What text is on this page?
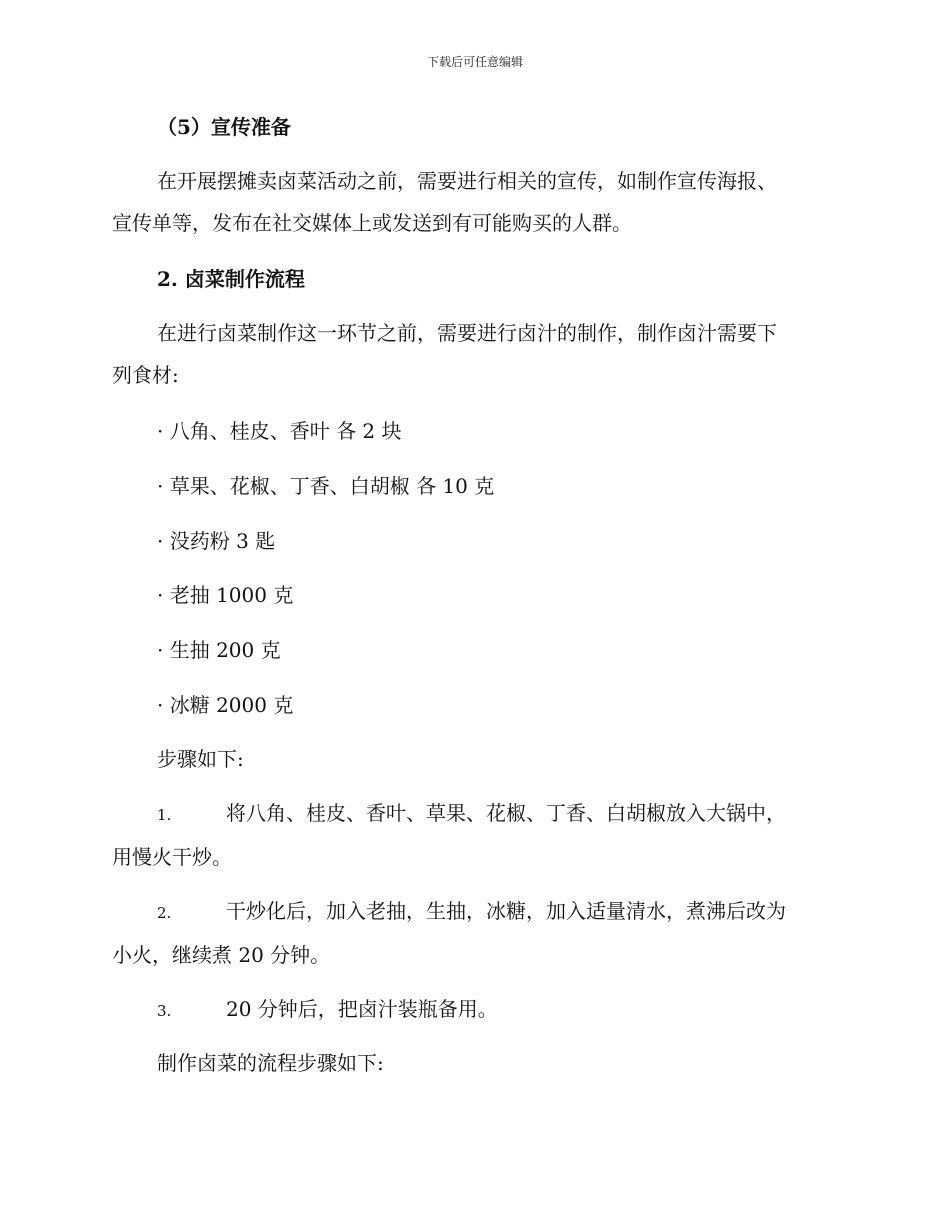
下载后可任意编辑
（5）宣传准备
在开展摆摊卖卤菜活动之前，需要进行相关的宣传，如制作宣传海报、
宣传单等，发布在社交媒体上或发送到有可能购买的人群。
2. 卤菜制作流程
在进行卤菜制作这一环节之前，需要进行卤汁的制作，制作卤汁需要下
列食材:
· 八角、桂皮、香叶 各 2 块
· 草果、花椒、丁香、白胡椒 各 10 克
· 没药粉 3 匙
· 老抽 1000 克
· 生抽 200 克
· 冰糖 2000 克
步骤如下:
1.	将八角、桂皮、香叶、草果、花椒、丁香、白胡椒放入大锅中，
用慢火干炒。
2.	干炒化后，加入老抽，生抽，冰糖，加入适量清水，煮沸后改为
小火，继续煮 20 分钟。
3.	20 分钟后，把卤汁装瓶备用。
制作卤菜的流程步骤如下:
